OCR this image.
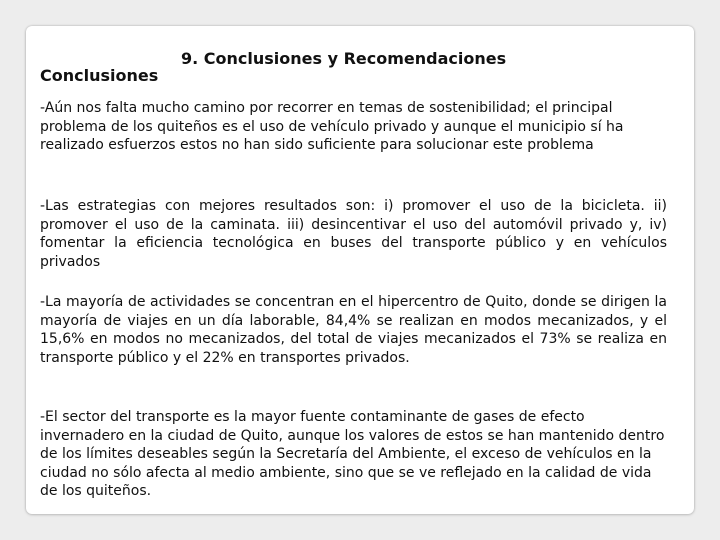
9. Conclusiones y Recomendaciones
Conclusiones

-Aún nos falta mucho camino por recorrer en temas de sostenibilidad; el principal problema de los quiteños es el uso de vehículo privado y aunque el municipio sí ha realizado esfuerzos estos no han sido suficiente para solucionar este problema

-Las estrategias con mejores resultados son: i) promover el uso de la bicicleta. ii) promover el uso de la caminata. iii) desincentivar el uso del automóvil privado y, iv) fomentar la eficiencia tecnológica en buses del transporte público y en vehículos privados

-La mayoría de actividades se concentran en el hipercentro de Quito, donde se dirigen la mayoría de viajes en un día laborable, 84,4% se realizan en modos mecanizados, y el 15,6% en modos no mecanizados, del total de viajes mecanizados el 73% se realiza en transporte público y el 22% en transportes privados.

-El sector del transporte es la mayor fuente contaminante de gases de efecto invernadero en la ciudad de Quito, aunque los valores de estos se han mantenido dentro de los límites deseables según la Secretaría del Ambiente, el exceso de vehículos en la ciudad no sólo afecta al medio ambiente, sino que se ve reflejado en la calidad de vida de los quiteños.
